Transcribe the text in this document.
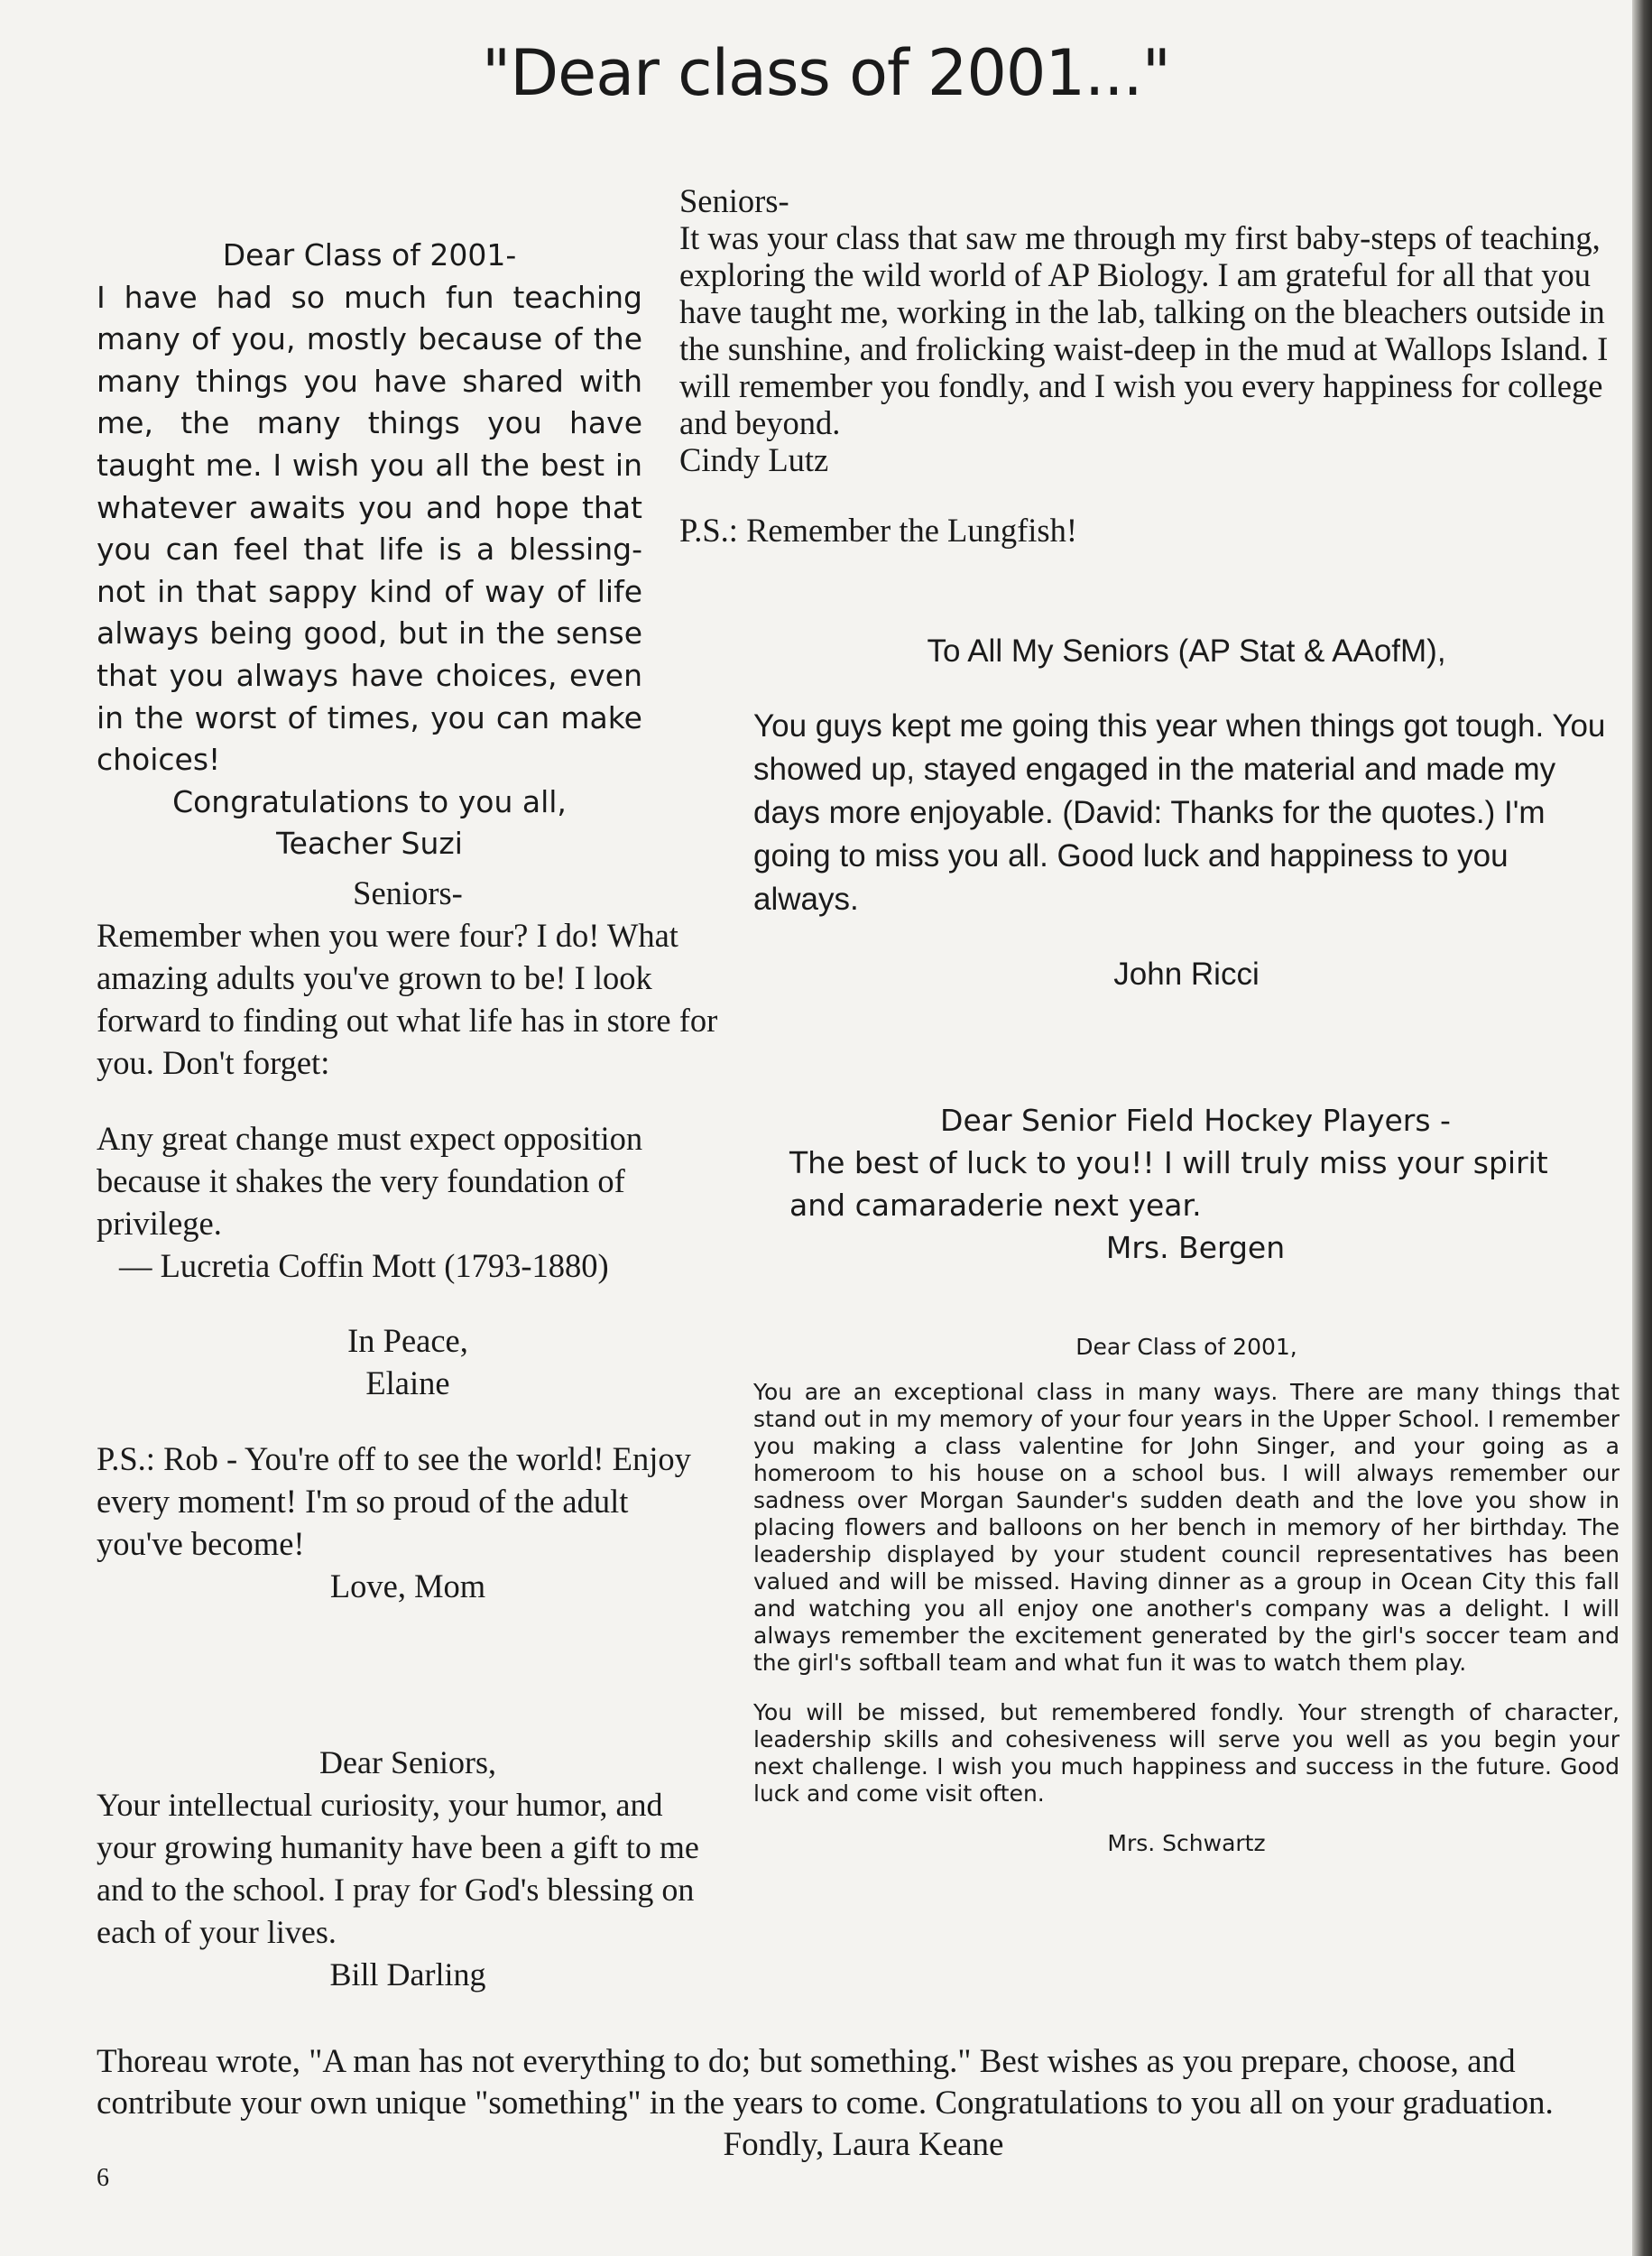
"Dear class of 2001..."

Dear Class of 2001-

I have had so much fun teaching many of you, mostly because of the many things you have shared with me, the many things you have taught me. I wish you all the best in whatever awaits you and hope that you can feel that life is a blessing-not in that sappy kind of way of life always being good, but in the sense that you always have choices, even in the worst of times, you can make choices!

Congratulations to you all,

Teacher Suzi

Seniors-

Remember when you were four? I do! What amazing adults you've grown to be! I look forward to finding out what life has in store for you. Don't forget:

Any great change must expect opposition because it shakes the very foundation of privilege.

— Lucretia Coffin Mott (1793-1880)

In Peace,

Elaine

P.S.: Rob - You're off to see the world! Enjoy every moment! I'm so proud of the adult you've become!

Love, Mom

Dear Seniors,

Your intellectual curiosity, your humor, and your growing humanity have been a gift to me and to the school. I pray for God's blessing on each of your lives.

Bill Darling

Seniors-

It was your class that saw me through my first baby-steps of teaching, exploring the wild world of AP Biology. I am grateful for all that you have taught me, working in the lab, talking on the bleachers outside in the sunshine, and frolicking waist-deep in the mud at Wallops Island. I will remember you fondly, and I wish you every happiness for college and beyond.

Cindy Lutz

P.S.: Remember the Lungfish!

To All My Seniors (AP Stat & AAofM),

You guys kept me going this year when things got tough. You showed up, stayed engaged in the material and made my days more enjoyable. (David: Thanks for the quotes.) I'm going to miss you all. Good luck and happiness to you always.

John Ricci

Dear Senior Field Hockey Players -

The best of luck to you!! I will truly miss your spirit and camaraderie next year.

Mrs. Bergen

Dear Class of 2001,

You are an exceptional class in many ways. There are many things that stand out in my memory of your four years in the Upper School. I remember you making a class valentine for John Singer, and your going as a homeroom to his house on a school bus. I will always remember our sadness over Morgan Saunder's sudden death and the love you show in placing flowers and balloons on her bench in memory of her birthday. The leadership displayed by your student council representatives has been valued and will be missed. Having dinner as a group in Ocean City this fall and watching you all enjoy one another's company was a delight. I will always remember the excitement generated by the girl's soccer team and the girl's softball team and what fun it was to watch them play.

You will be missed, but remembered fondly. Your strength of character, leadership skills and cohesiveness will serve you well as you begin your next challenge. I wish you much happiness and success in the future. Good luck and come visit often.

Mrs. Schwartz

Thoreau wrote, "A man has not everything to do; but something." Best wishes as you prepare, choose, and contribute your own unique "something" in the years to come. Congratulations to you all on your graduation.

Fondly, Laura Keane

6
